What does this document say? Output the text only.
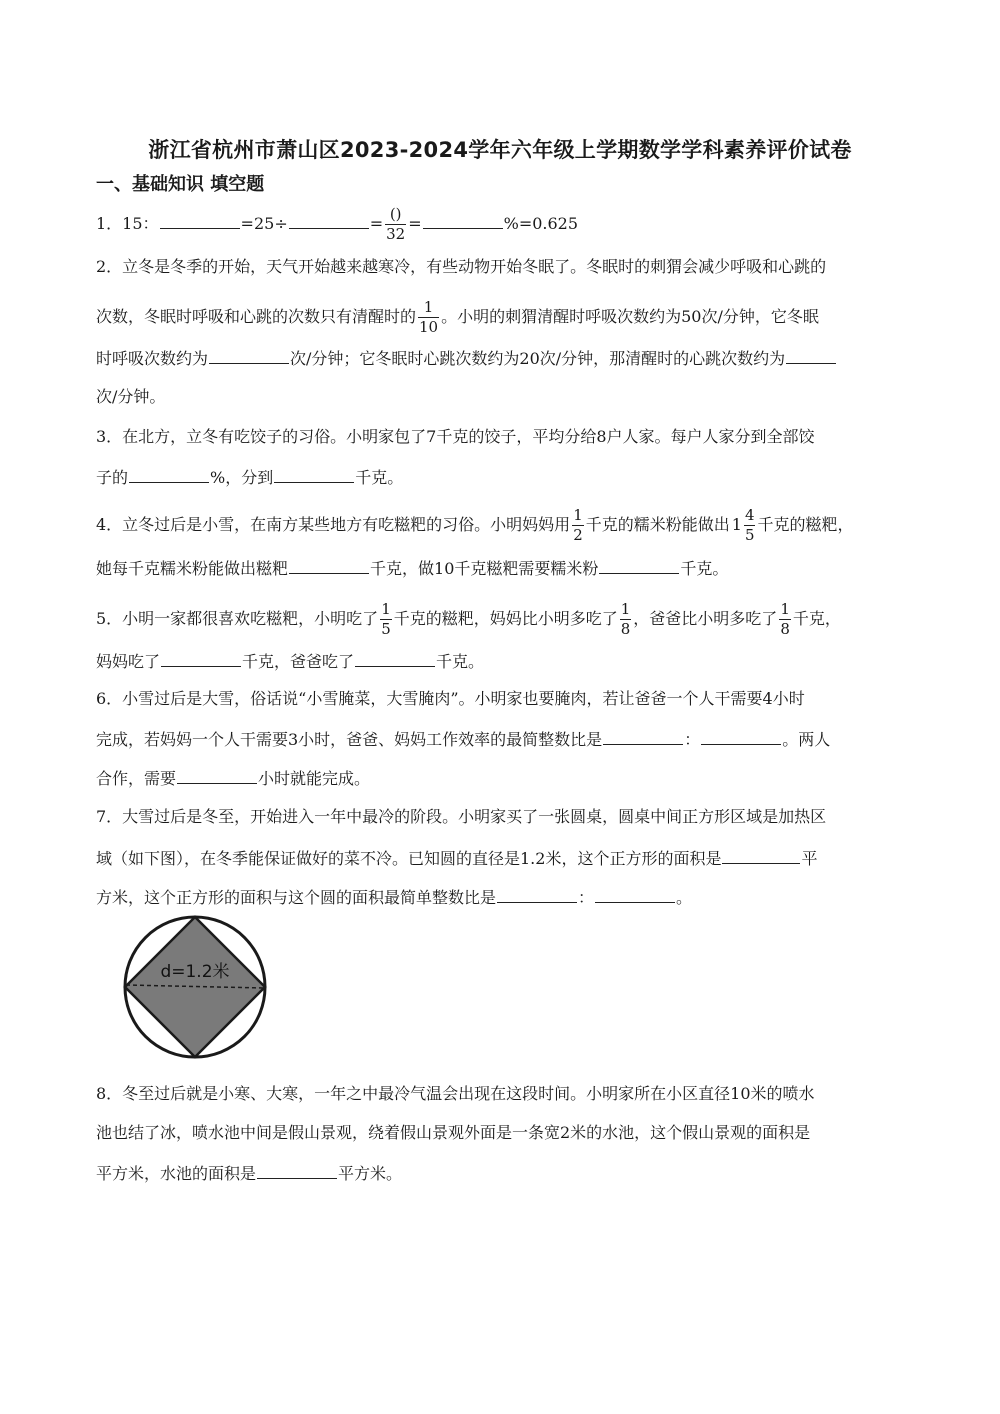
浙江省杭州市萧山区2023-2024学年六年级上学期数学学科素养评价试卷
一、基础知识 填空题
1．15：	=25÷	= $\frac{()}{32}$ =	%=0.625
2．立冬是冬季的开始，天气开始越来越寒冷，有些动物开始冬眠了。冬眠时的刺猬会减少呼吸和心跳的
次数，冬眠时呼吸和心跳的次数只有清醒时的 $\frac{1}{10}$ 。小明的刺猬清醒时呼吸次数约为50次/分钟，它冬眠
时呼吸次数约为	次/分钟；它冬眠时心跳次数约为20次/分钟，那清醒时的心跳次数约为
次/分钟。
3．在北方，立冬有吃饺子的习俗。小明家包了7千克的饺子，平均分给8户人家。每户人家分到全部饺
子的	%，分到	千克。
4．立冬过后是小雪，在南方某些地方有吃糍粑的习俗。小明妈妈用 $\frac{1}{2}$ 千克的糯米粉能做出 $1 \frac{4}{5}$ 千克的糍粑，
她每千克糯米粉能做出糍粑	千克，做10千克糍粑需要糯米粉	千克。
5．小明一家都很喜欢吃糍粑，小明吃了 $\frac{1}{5}$ 千克的糍粑，妈妈比小明多吃了 $\frac{1}{8}$ ，爸爸比小明多吃了 $\frac{1}{8}$ 千克，
妈妈吃了	千克，爸爸吃了	千克。
6．小雪过后是大雪，俗话说“小雪腌菜，大雪腌肉”。小明家也要腌肉，若让爸爸一个人干需要4小时
完成，若妈妈一个人干需要3小时，爸爸、妈妈工作效率的最简整数比是	：	。两人
合作，需要	小时就能完成。
7．大雪过后是冬至，开始进入一年中最冷的阶段。小明家买了一张圆桌，圆桌中间正方形区域是加热区
域（如下图），在冬季能保证做好的菜不冷。已知圆的直径是1.2米，这个正方形的面积是	平
方米，这个正方形的面积与这个圆的面积最简单整数比是	：	。
d=1.2米
8．冬至过后就是小寒、大寒，一年之中最冷气温会出现在这段时间。小明家所在小区直径10米的喷水
池也结了冰，喷水池中间是假山景观，绕着假山景观外面是一条宽2米的水池，这个假山景观的面积是
平方米，水池的面积是	平方米。
